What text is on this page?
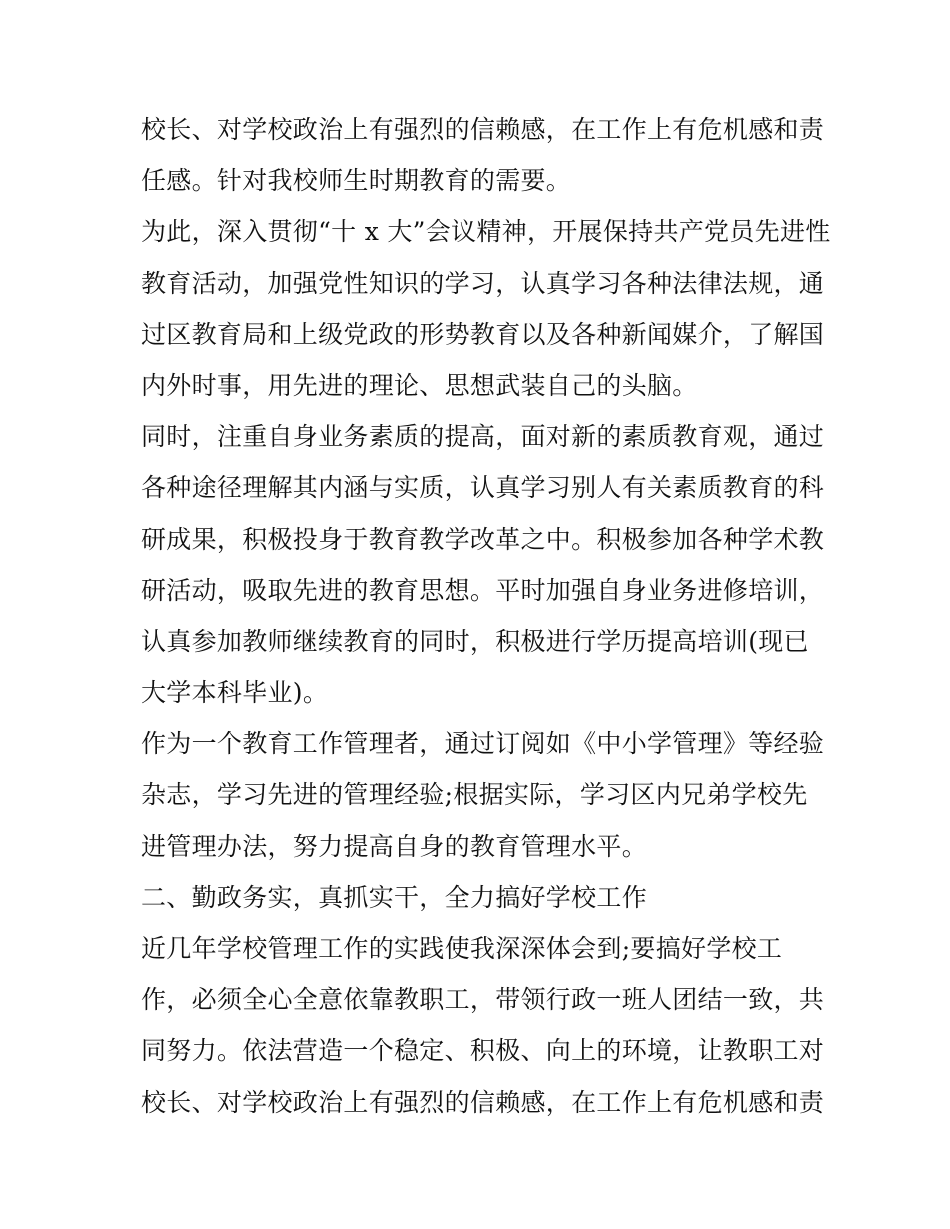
校长、对学校政治上有强烈的信赖感，在工作上有危机感和责
任感。针对我校师生时期教育的需要。
为此，深入贯彻“十 x 大”会议精神，开展保持共产党员先进性
教育活动，加强党性知识的学习，认真学习各种法律法规，通
过区教育局和上级党政的形势教育以及各种新闻媒介，了解国
内外时事，用先进的理论、思想武装自己的头脑。
同时，注重自身业务素质的提高，面对新的素质教育观，通过
各种途径理解其内涵与实质，认真学习别人有关素质教育的科
研成果，积极投身于教育教学改革之中。积极参加各种学术教
研活动，吸取先进的教育思想。平时加强自身业务进修培训，
认真参加教师继续教育的同时，积极进行学历提高培训(现已
大学本科毕业)。
作为一个教育工作管理者，通过订阅如《中小学管理》等经验
杂志，学习先进的管理经验;根据实际，学习区内兄弟学校先
进管理办法，努力提高自身的教育管理水平。
二、勤政务实，真抓实干，全力搞好学校工作
近几年学校管理工作的实践使我深深体会到;要搞好学校工
作，必须全心全意依靠教职工，带领行政一班人团结一致，共
同努力。依法营造一个稳定、积极、向上的环境，让教职工对
校长、对学校政治上有强烈的信赖感，在工作上有危机感和责
